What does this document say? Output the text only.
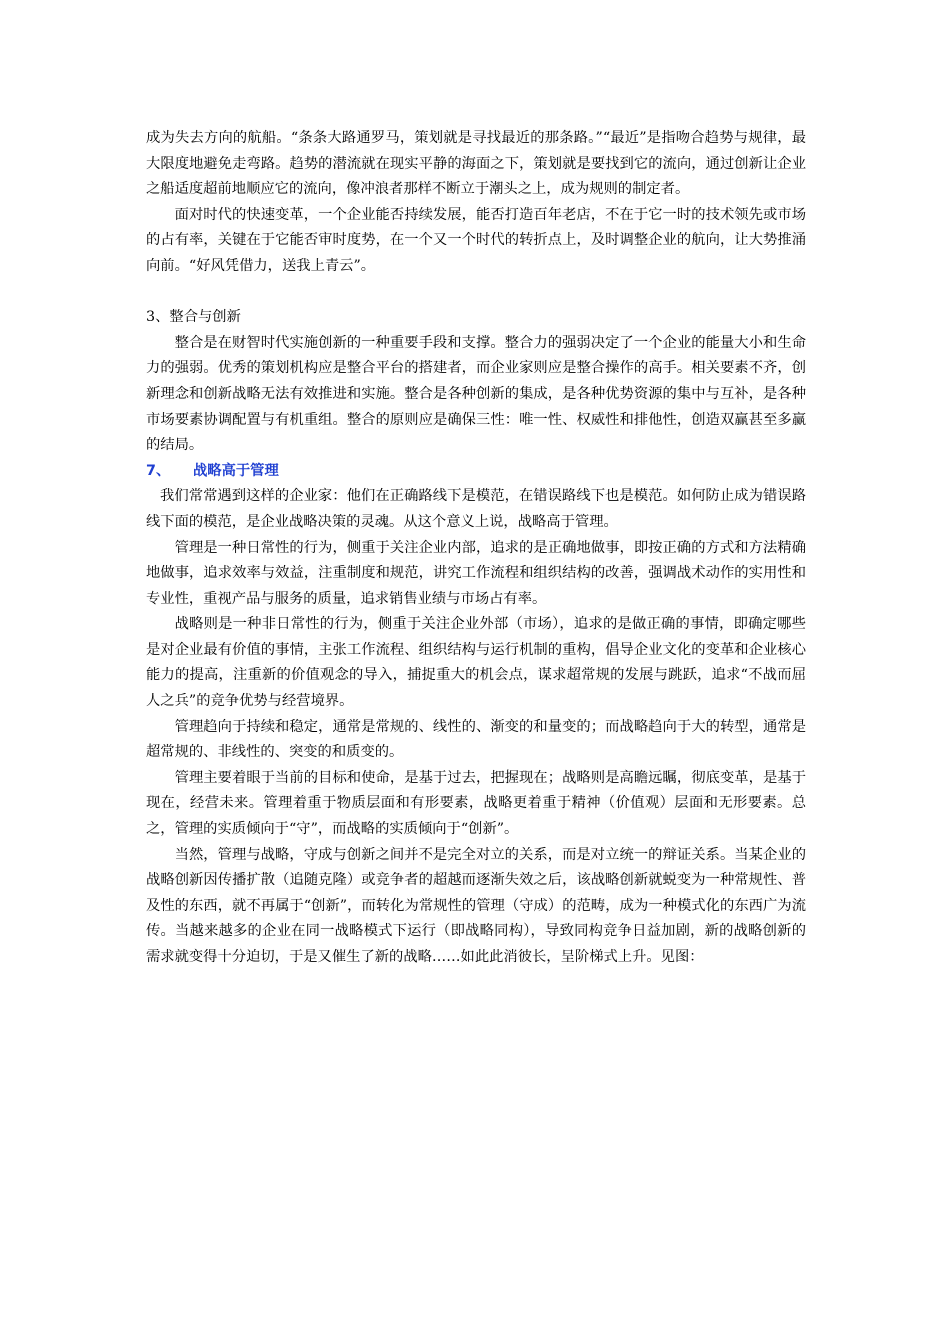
成为失去方向的航船。“条条大路通罗马，策划就是寻找最近的那条路。”“最近”是指吻合趋势与规律，最大限度地避免走弯路。趋势的潜流就在现实平静的海面之下，策划就是要找到它的流向，通过创新让企业之船适度超前地顺应它的流向，像冲浪者那样不断立于潮头之上，成为规则的制定者。

面对时代的快速变革，一个企业能否持续发展，能否打造百年老店，不在于它一时的技术领先或市场的占有率，关键在于它能否审时度势，在一个又一个时代的转折点上，及时调整企业的航向，让大势推涌向前。“好风凭借力，送我上青云”。

3、整合与创新

整合是在财智时代实施创新的一种重要手段和支撑。整合力的强弱决定了一个企业的能量大小和生命力的强弱。优秀的策划机构应是整合平台的搭建者，而企业家则应是整合操作的高手。相关要素不齐，创新理念和创新战略无法有效推进和实施。整合是各种创新的集成，是各种优势资源的集中与互补，是各种市场要素协调配置与有机重组。整合的原则应是确保三性：唯一性、权威性和排他性，创造双赢甚至多赢的结局。

7、 战略高于管理

我们常常遇到这样的企业家：他们在正确路线下是模范，在错误路线下也是模范。如何防止成为错误路线下面的模范，是企业战略决策的灵魂。从这个意义上说，战略高于管理。

管理是一种日常性的行为，侧重于关注企业内部，追求的是正确地做事，即按正确的方式和方法精确地做事，追求效率与效益，注重制度和规范，讲究工作流程和组织结构的改善，强调战术动作的实用性和专业性，重视产品与服务的质量，追求销售业绩与市场占有率。

战略则是一种非日常性的行为，侧重于关注企业外部（市场），追求的是做正确的事情，即确定哪些是对企业最有价值的事情，主张工作流程、组织结构与运行机制的重构，倡导企业文化的变革和企业核心能力的提高，注重新的价值观念的导入，捕捉重大的机会点，谋求超常规的发展与跳跃，追求“不战而屈人之兵”的竞争优势与经营境界。

管理趋向于持续和稳定，通常是常规的、线性的、渐变的和量变的；而战略趋向于大的转型，通常是超常规的、非线性的、突变的和质变的。

管理主要着眼于当前的目标和使命，是基于过去，把握现在；战略则是高瞻远瞩，彻底变革，是基于现在，经营未来。管理着重于物质层面和有形要素，战略更着重于精神（价值观）层面和无形要素。总之，管理的实质倾向于“守”，而战略的实质倾向于“创新”。

当然，管理与战略，守成与创新之间并不是完全对立的关系，而是对立统一的辩证关系。当某企业的战略创新因传播扩散（追随克隆）或竞争者的超越而逐渐失效之后，该战略创新就蜕变为一种常规性、普及性的东西，就不再属于“创新”，而转化为常规性的管理（守成）的范畴，成为一种模式化的东西广为流传。当越来越多的企业在同一战略模式下运行（即战略同构），导致同构竞争日益加剧，新的战略创新的需求就变得十分迫切，于是又催生了新的战略……如此此消彼长，呈阶梯式上升。见图：
